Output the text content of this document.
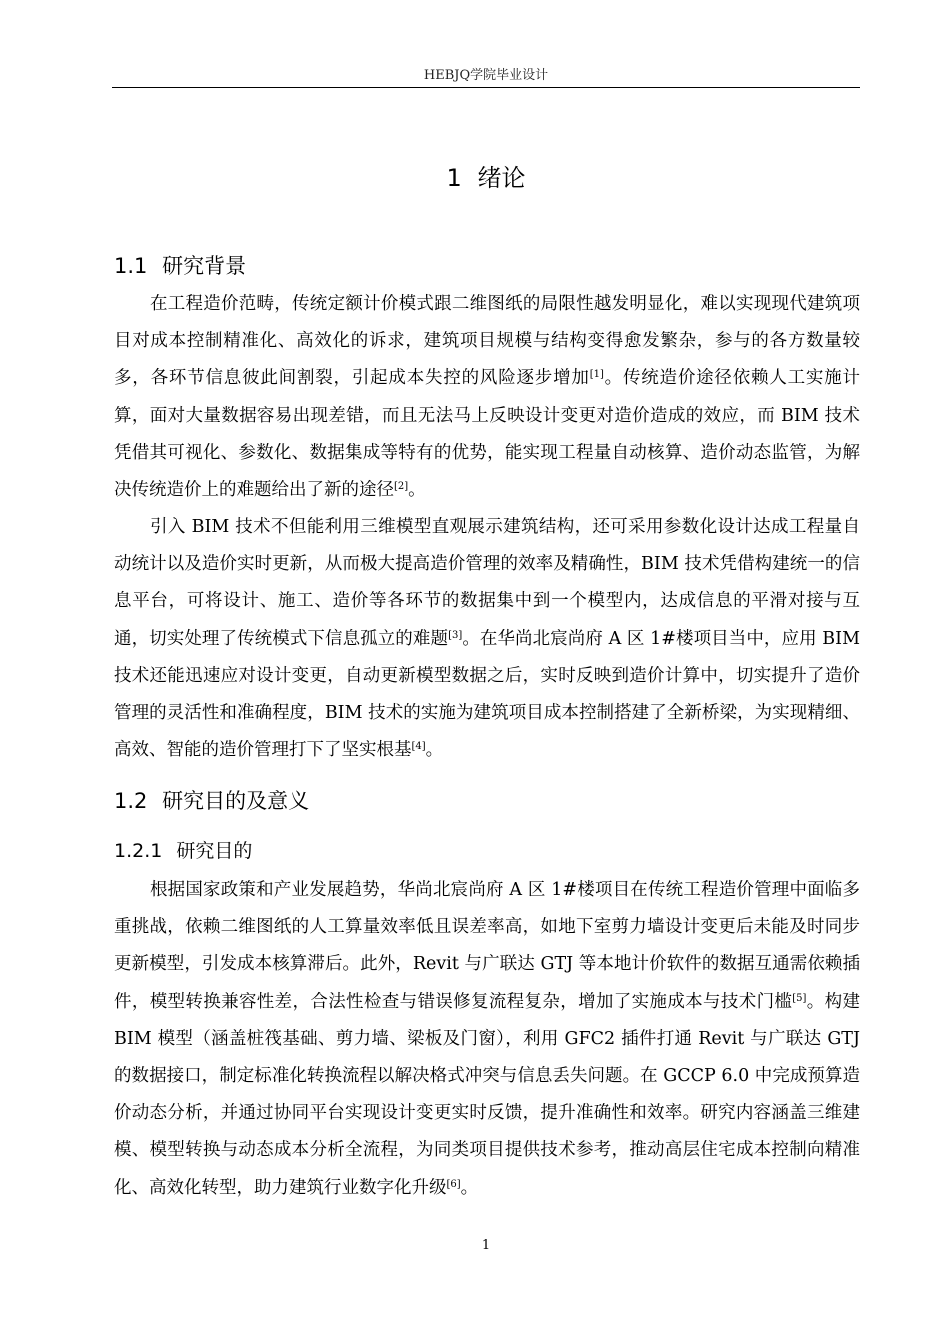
HEBJQ学院毕业设计
1 绪论
1.1 研究背景

在工程造价范畴，传统定额计价模式跟二维图纸的局限性越发明显化，难以实现现代建筑项目对成本控制精准化、高效化的诉求，建筑项目规模与结构变得愈发繁杂，参与的各方数量较多，各环节信息彼此间割裂，引起成本失控的风险逐步增加[1]。传统造价途径依赖人工实施计算，面对大量数据容易出现差错，而且无法马上反映设计变更对造价造成的效应，而 BIM 技术凭借其可视化、参数化、数据集成等特有的优势，能实现工程量自动核算、造价动态监管，为解决传统造价上的难题给出了新的途径[2]。

引入 BIM 技术不但能利用三维模型直观展示建筑结构，还可采用参数化设计达成工程量自动统计以及造价实时更新，从而极大提高造价管理的效率及精确性，BIM 技术凭借构建统一的信息平台，可将设计、施工、造价等各环节的数据集中到一个模型内，达成信息的平滑对接与互通，切实处理了传统模式下信息孤立的难题[3]。在华尚北宸尚府 A 区 1#楼项目当中，应用 BIM 技术还能迅速应对设计变更，自动更新模型数据之后，实时反映到造价计算中，切实提升了造价管理的灵活性和准确程度，BIM 技术的实施为建筑项目成本控制搭建了全新桥梁，为实现精细、高效、智能的造价管理打下了坚实根基[4]。

1.2 研究目的及意义
1.2.1 研究目的

根据国家政策和产业发展趋势，华尚北宸尚府 A 区 1#楼项目在传统工程造价管理中面临多重挑战，依赖二维图纸的人工算量效率低且误差率高，如地下室剪力墙设计变更后未能及时同步更新模型，引发成本核算滞后。此外，Revit 与广联达 GTJ 等本地计价软件的数据互通需依赖插件，模型转换兼容性差，合法性检查与错误修复流程复杂，增加了实施成本与技术门槛[5]。构建 BIM 模型（涵盖桩筏基础、剪力墙、梁板及门窗），利用 GFC2 插件打通 Revit 与广联达 GTJ 的数据接口，制定标准化转换流程以解决格式冲突与信息丢失问题。在 GCCP 6.0 中完成预算造价动态分析，并通过协同平台实现设计变更实时反馈，提升准确性和效率。研究内容涵盖三维建模、模型转换与动态成本分析全流程，为同类项目提供技术参考，推动高层住宅成本控制向精准化、高效化转型，助力建筑行业数字化升级[6]。

1
